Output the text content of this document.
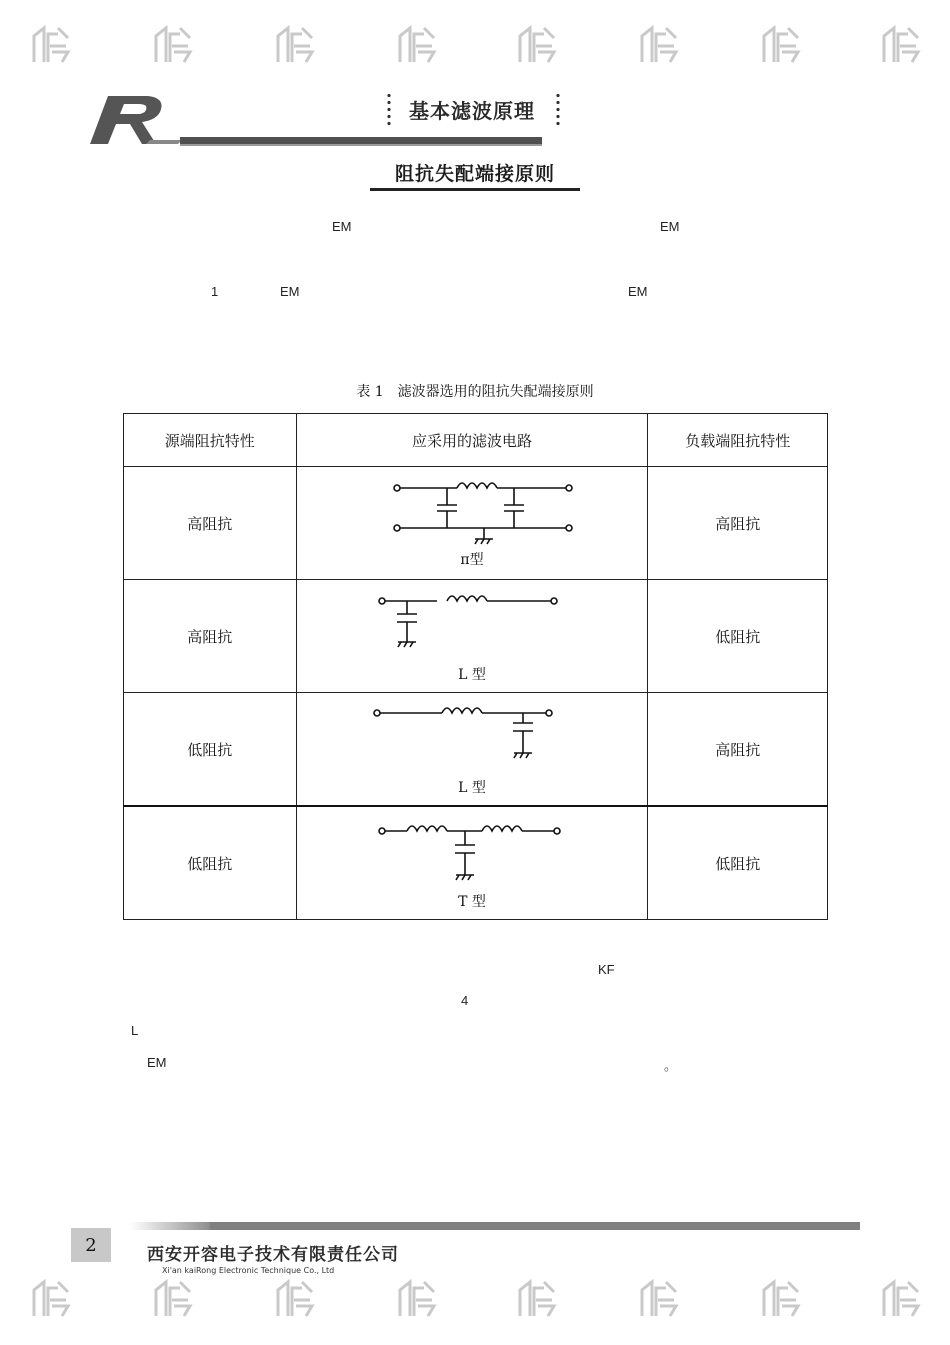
基本滤波原理
阻抗失配端接原则
EM	EM
1	EM	EM
表 1　滤波器选用的阻抗失配端接原则
源端阻抗特性	应采用的滤波电路	负载端阻抗特性
高阻抗	π型	高阻抗
高阻抗	L 型	低阻抗
低阻抗	L 型	高阻抗
低阻抗	T 型	低阻抗
KF
4
L
EM	。
2	西安开容电子技术有限责任公司
Xi'an kaiRong Electronic Technique Co., Ltd
